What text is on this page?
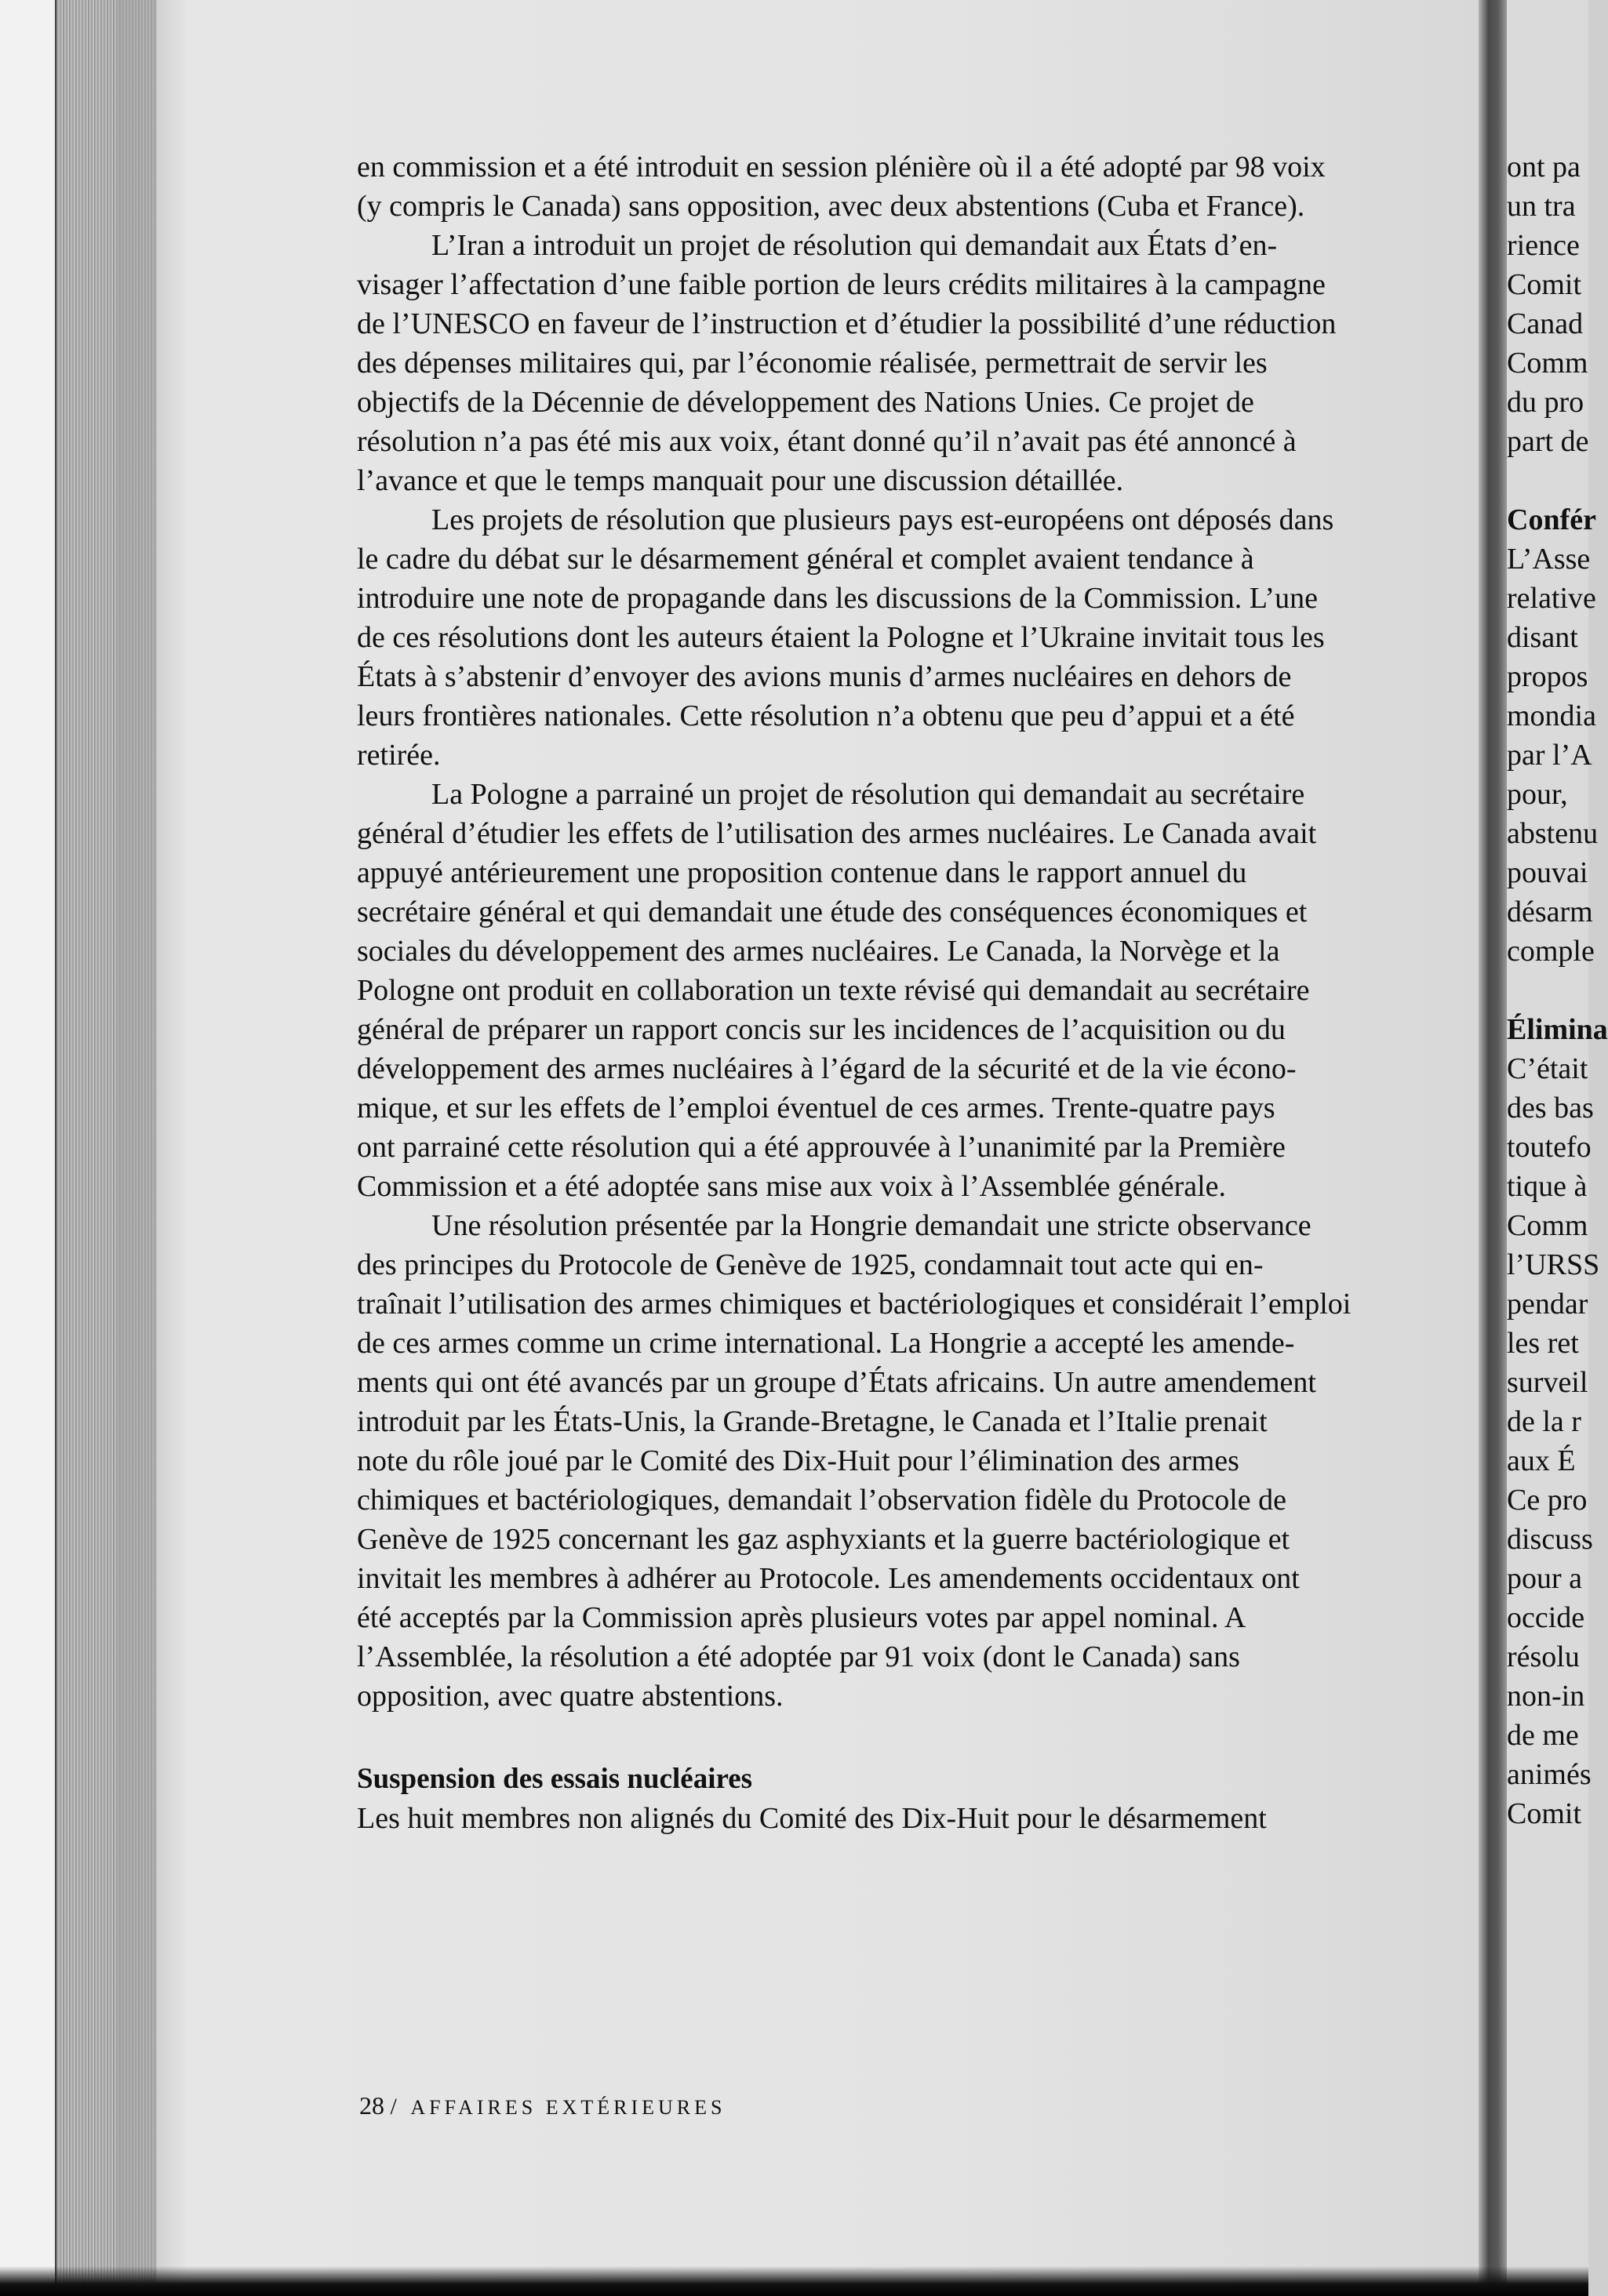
en commission et a été introduit en session plénière où il a été adopté par 98 voix
(y compris le Canada) sans opposition, avec deux abstentions (Cuba et France).
L’Iran a introduit un projet de résolution qui demandait aux États d’en-
visager l’affectation d’une faible portion de leurs crédits militaires à la campagne
de l’UNESCO en faveur de l’instruction et d’étudier la possibilité d’une réduction
des dépenses militaires qui, par l’économie réalisée, permettrait de servir les
objectifs de la Décennie de développement des Nations Unies. Ce projet de
résolution n’a pas été mis aux voix, étant donné qu’il n’avait pas été annoncé à
l’avance et que le temps manquait pour une discussion détaillée.
Les projets de résolution que plusieurs pays est-européens ont déposés dans
le cadre du débat sur le désarmement général et complet avaient tendance à
introduire une note de propagande dans les discussions de la Commission. L’une
de ces résolutions dont les auteurs étaient la Pologne et l’Ukraine invitait tous les
États à s’abstenir d’envoyer des avions munis d’armes nucléaires en dehors de
leurs frontières nationales. Cette résolution n’a obtenu que peu d’appui et a été
retirée.
La Pologne a parrainé un projet de résolution qui demandait au secrétaire
général d’étudier les effets de l’utilisation des armes nucléaires. Le Canada avait
appuyé antérieurement une proposition contenue dans le rapport annuel du
secrétaire général et qui demandait une étude des conséquences économiques et
sociales du développement des armes nucléaires. Le Canada, la Norvège et la
Pologne ont produit en collaboration un texte révisé qui demandait au secrétaire
général de préparer un rapport concis sur les incidences de l’acquisition ou du
développement des armes nucléaires à l’égard de la sécurité et de la vie écono-
mique, et sur les effets de l’emploi éventuel de ces armes. Trente-quatre pays
ont parrainé cette résolution qui a été approuvée à l’unanimité par la Première
Commission et a été adoptée sans mise aux voix à l’Assemblée générale.
Une résolution présentée par la Hongrie demandait une stricte observance
des principes du Protocole de Genève de 1925, condamnait tout acte qui en-
traînait l’utilisation des armes chimiques et bactériologiques et considérait l’emploi
de ces armes comme un crime international. La Hongrie a accepté les amende-
ments qui ont été avancés par un groupe d’États africains. Un autre amendement
introduit par les États-Unis, la Grande-Bretagne, le Canada et l’Italie prenait
note du rôle joué par le Comité des Dix-Huit pour l’élimination des armes
chimiques et bactériologiques, demandait l’observation fidèle du Protocole de
Genève de 1925 concernant les gaz asphyxiants et la guerre bactériologique et
invitait les membres à adhérer au Protocole. Les amendements occidentaux ont
été acceptés par la Commission après plusieurs votes par appel nominal. A
l’Assemblée, la résolution a été adoptée par 91 voix (dont le Canada) sans
opposition, avec quatre abstentions.
Suspension des essais nucléaires
Les huit membres non alignés du Comité des Dix-Huit pour le désarmement
28 / AFFAIRES EXTÉRIEURES
ont pa
un tra
rience
Comit
Canad
Comm
du pro
part de
Confér
L’Asse
relative
disant
propos
mondia
par l’A
pour,
abstenu
pouvai
désarm
comple
Élimina
C’était
des bas
toutefo
tique à
Comm
l’URSS
pendar
les ret
surveil
de la r
aux É
Ce pro
discuss
pour a
occide
résolu
non-in
de me
animés
Comit
